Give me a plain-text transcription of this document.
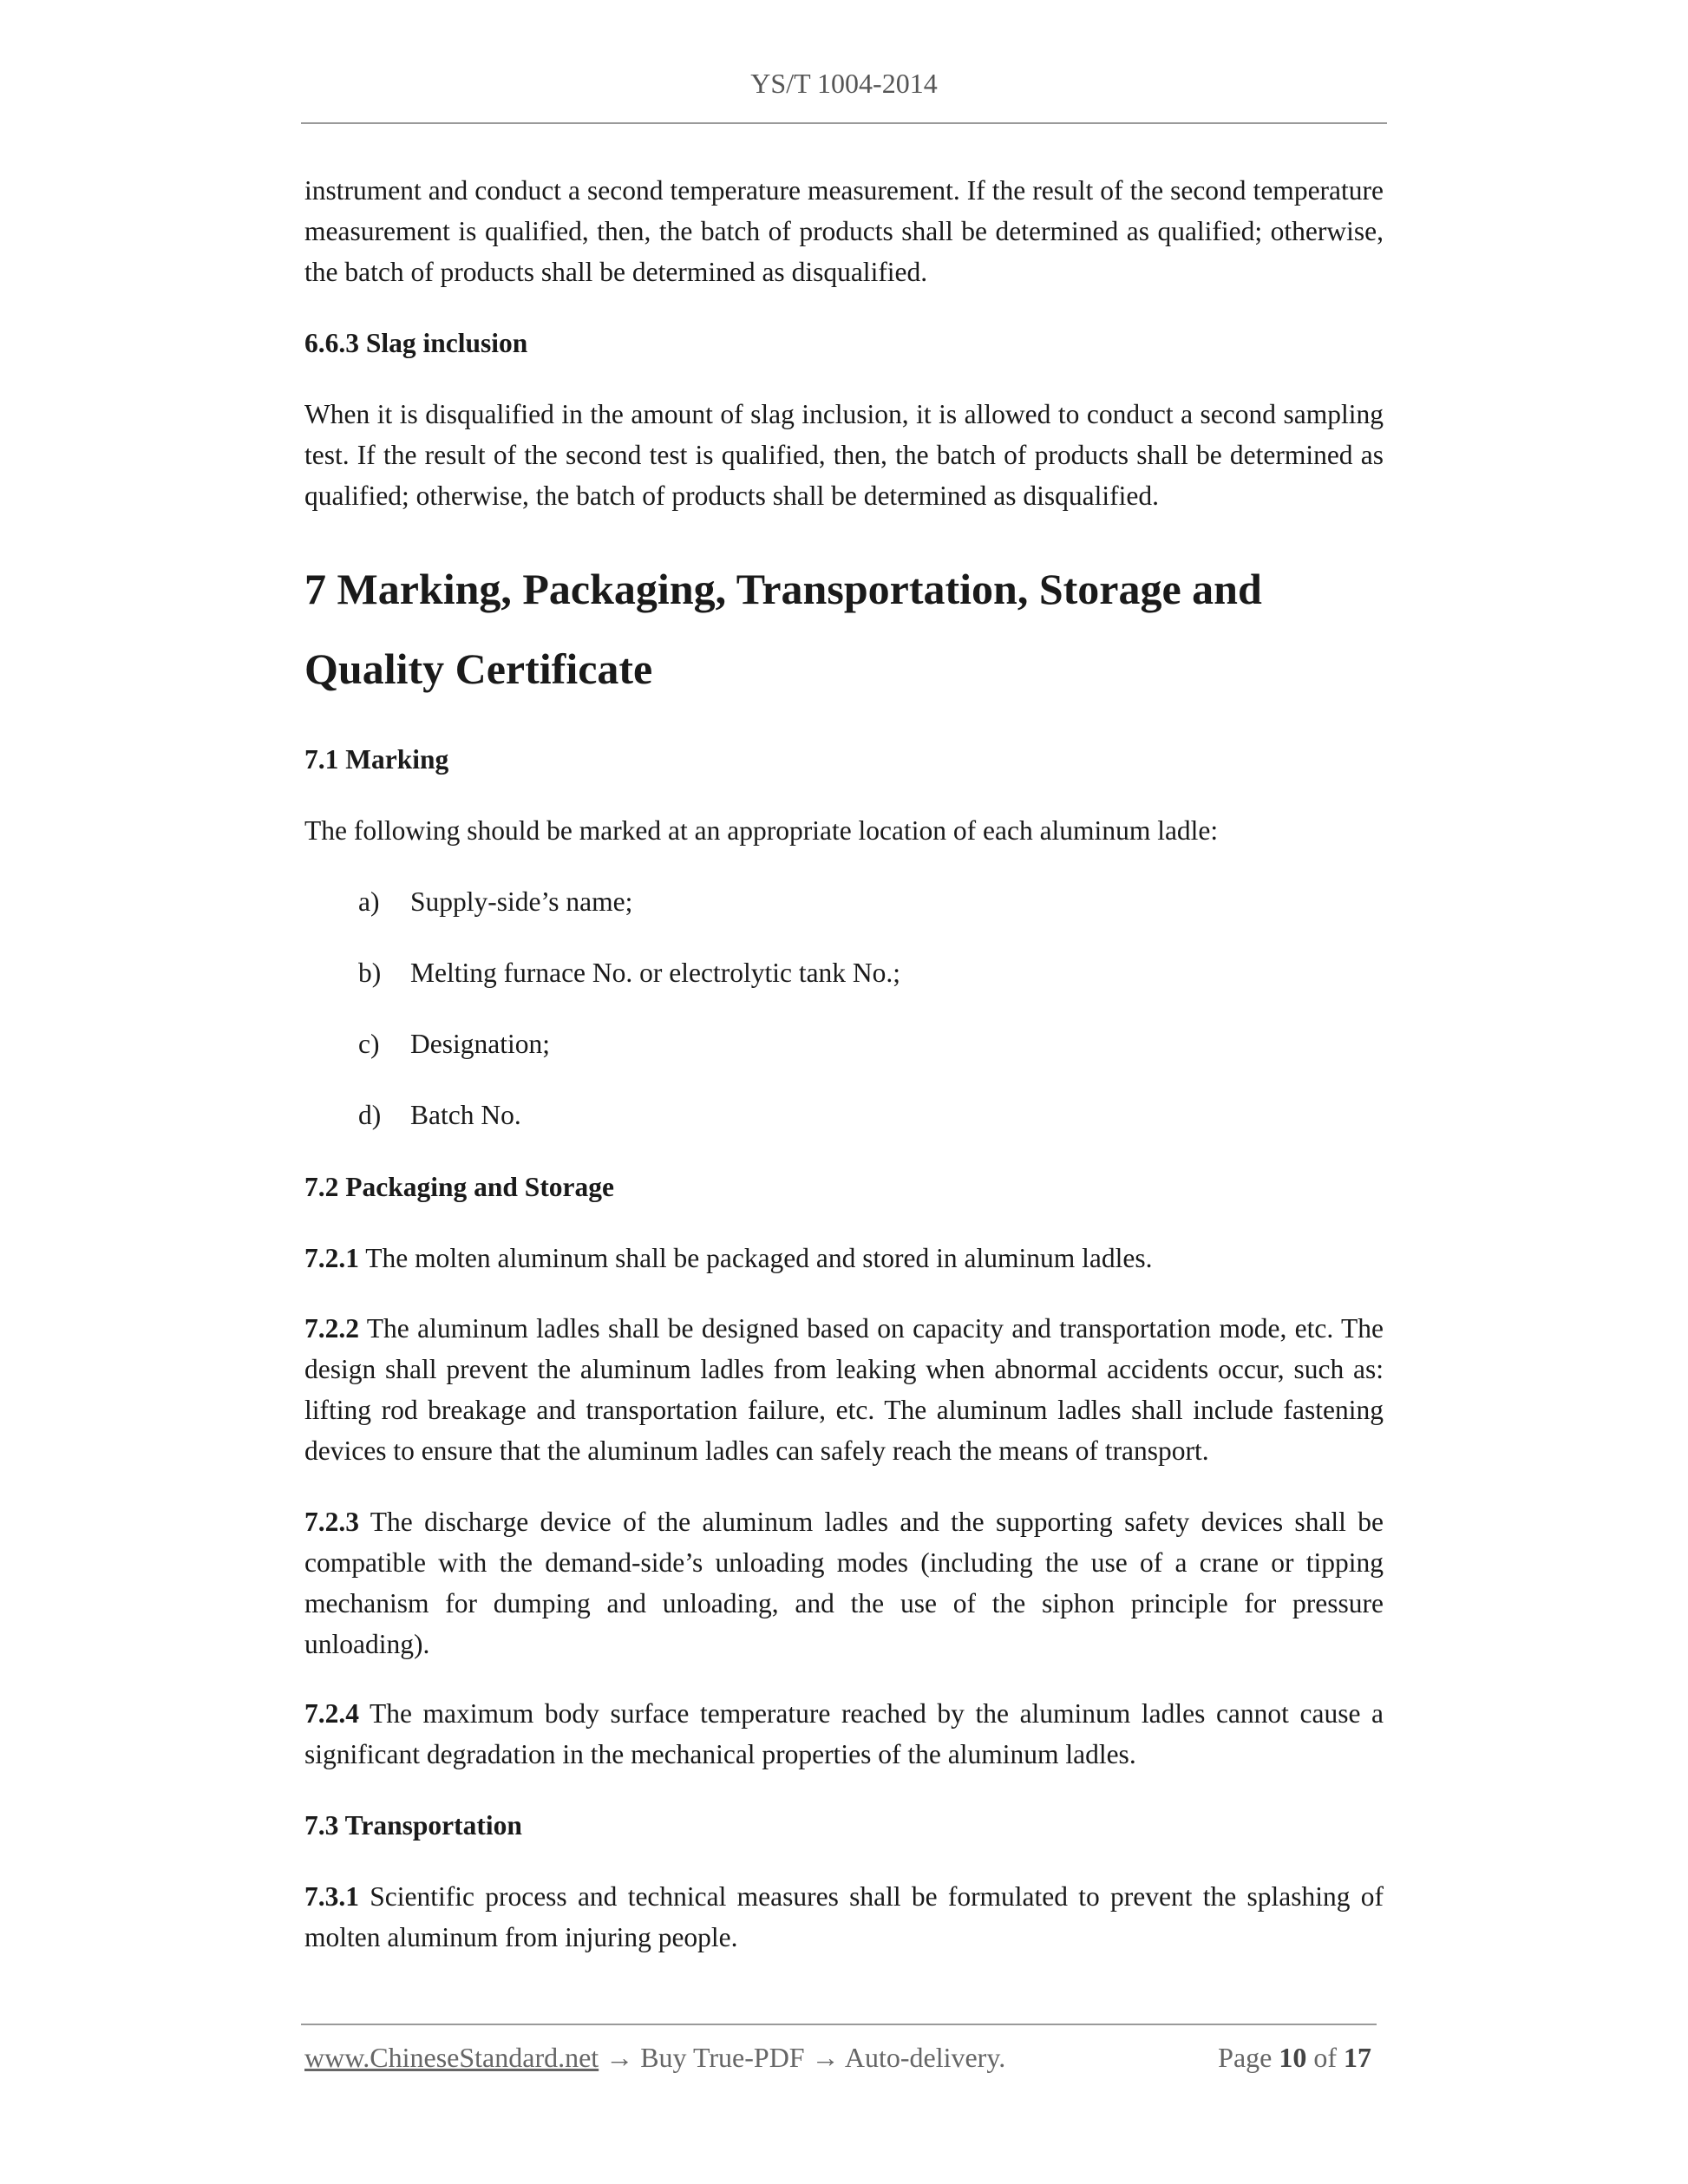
YS/T 1004-2014

instrument and conduct a second temperature measurement. If the result of the second temperature measurement is qualified, then, the batch of products shall be determined as qualified; otherwise, the batch of products shall be determined as disqualified.

6.6.3 Slag inclusion

When it is disqualified in the amount of slag inclusion, it is allowed to conduct a second sampling test. If the result of the second test is qualified, then, the batch of products shall be determined as qualified; otherwise, the batch of products shall be determined as disqualified.

7 Marking, Packaging, Transportation, Storage and Quality Certificate

7.1 Marking

The following should be marked at an appropriate location of each aluminum ladle:

a) Supply-side’s name;

b) Melting furnace No. or electrolytic tank No.;

c) Designation;

d) Batch No.

7.2 Packaging and Storage

7.2.1 The molten aluminum shall be packaged and stored in aluminum ladles.

7.2.2 The aluminum ladles shall be designed based on capacity and transportation mode, etc. The design shall prevent the aluminum ladles from leaking when abnormal accidents occur, such as: lifting rod breakage and transportation failure, etc. The aluminum ladles shall include fastening devices to ensure that the aluminum ladles can safely reach the means of transport.

7.2.3 The discharge device of the aluminum ladles and the supporting safety devices shall be compatible with the demand-side’s unloading modes (including the use of a crane or tipping mechanism for dumping and unloading, and the use of the siphon principle for pressure unloading).

7.2.4 The maximum body surface temperature reached by the aluminum ladles cannot cause a significant degradation in the mechanical properties of the aluminum ladles.

7.3 Transportation

7.3.1 Scientific process and technical measures shall be formulated to prevent the splashing of molten aluminum from injuring people.

www.ChineseStandard.net → Buy True-PDF → Auto-delivery.	Page 10 of 17
